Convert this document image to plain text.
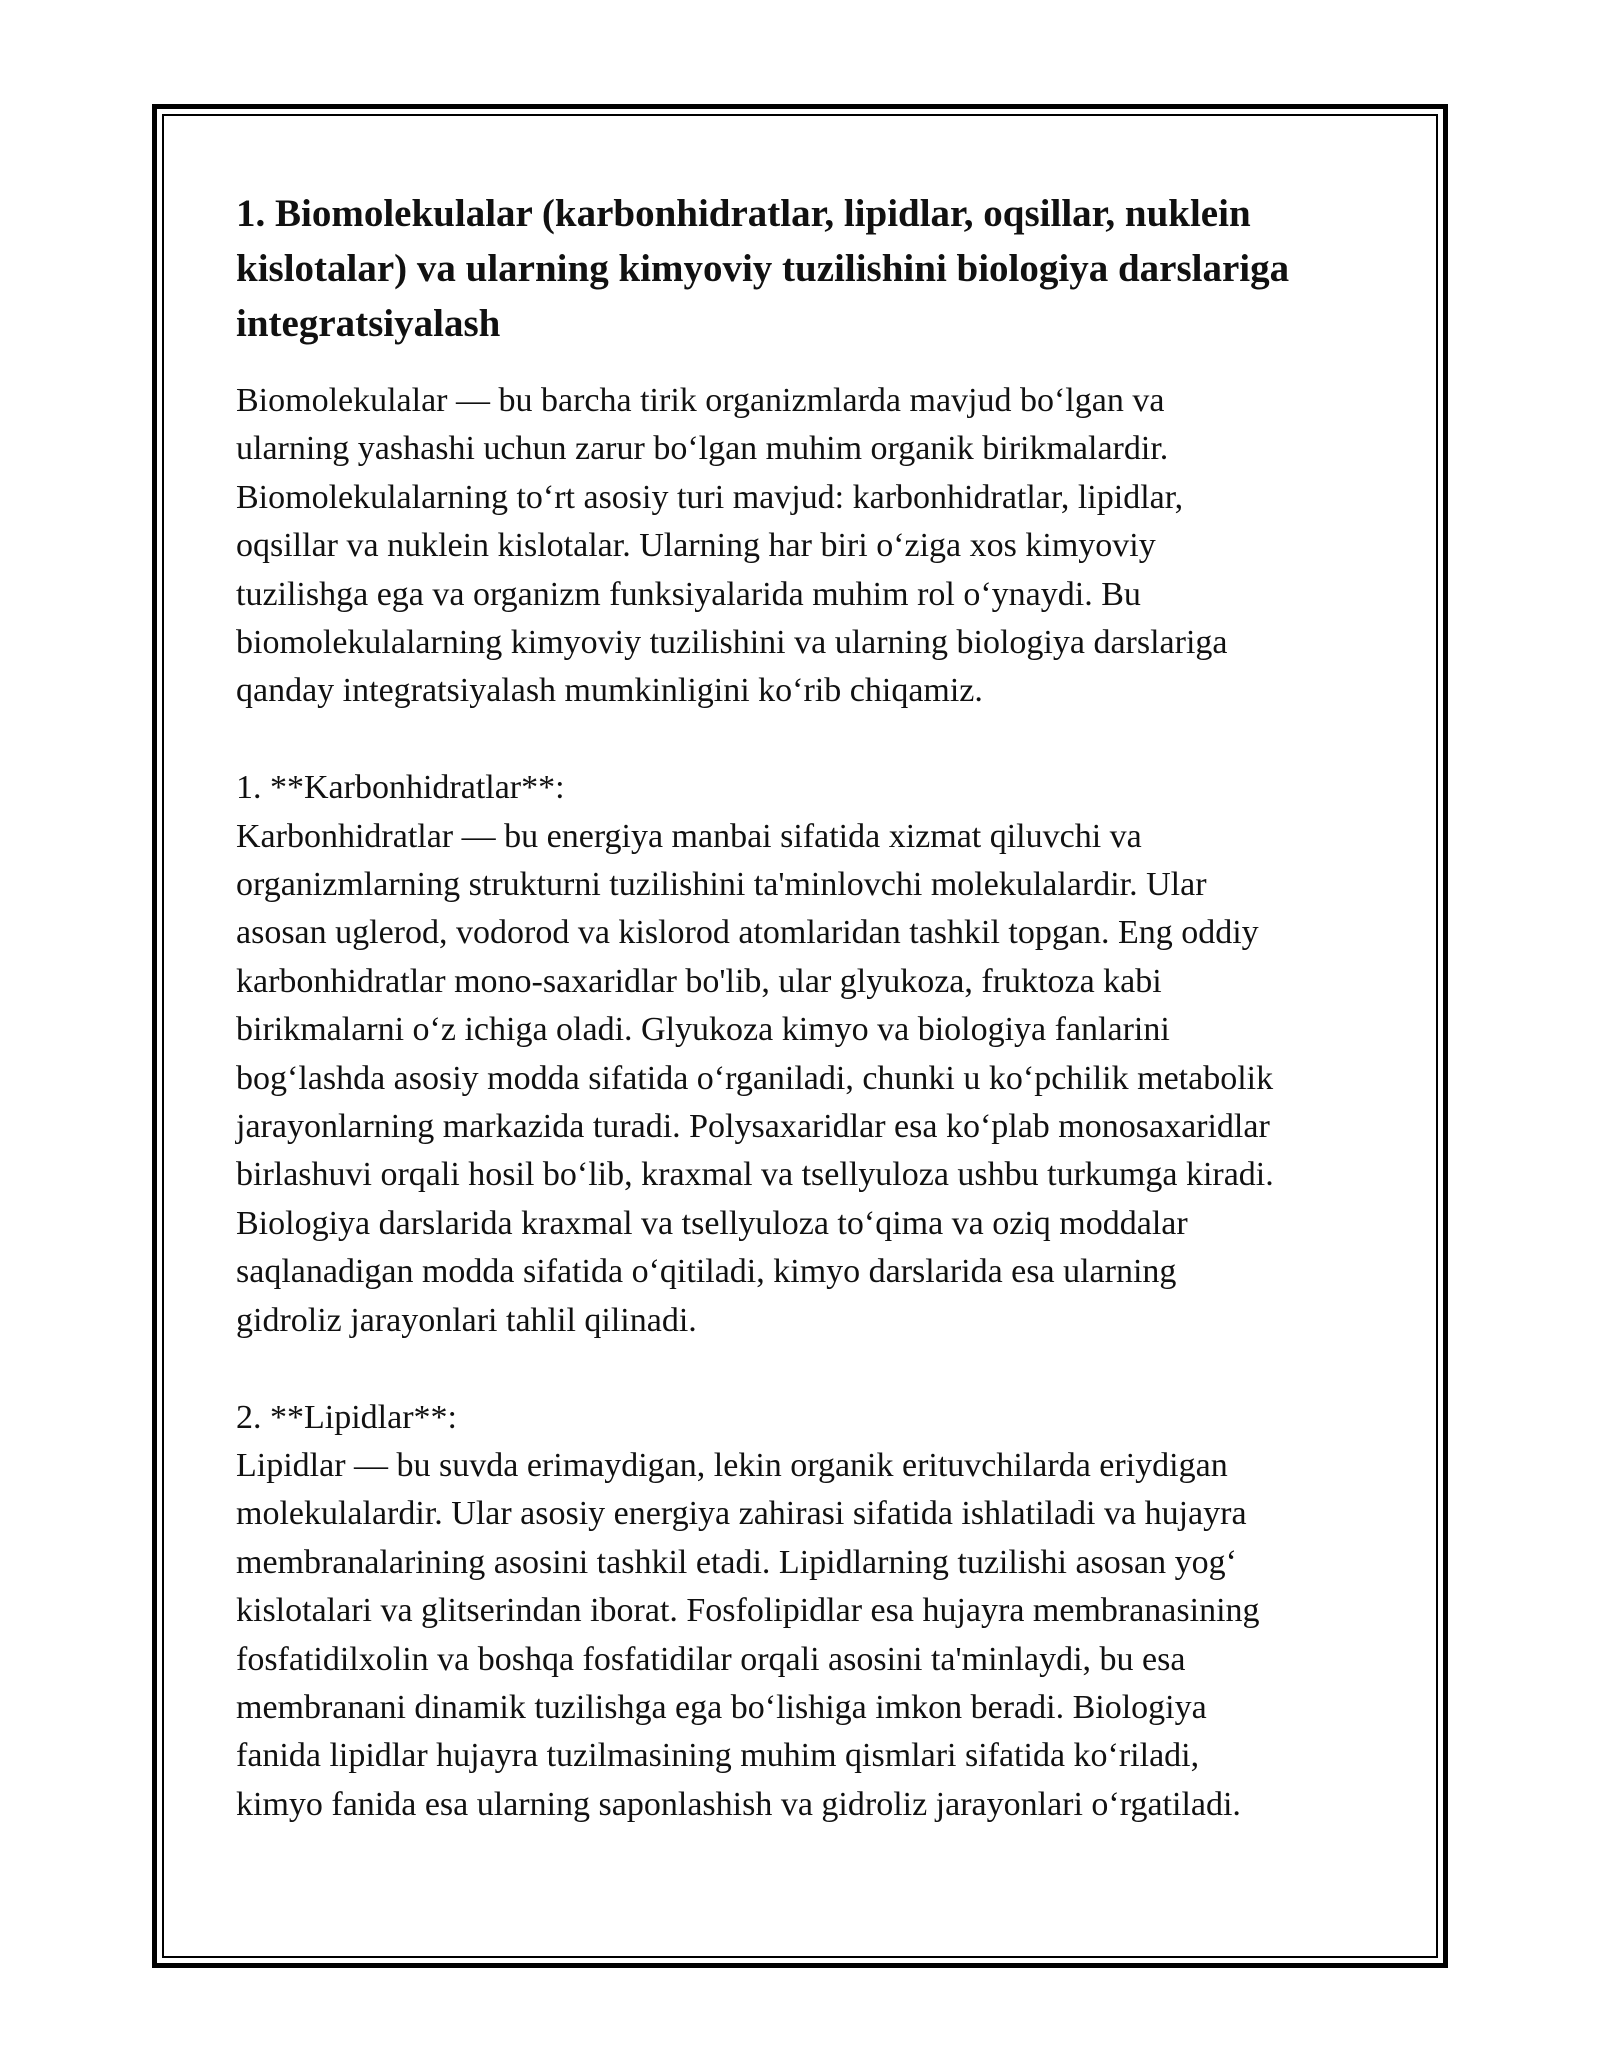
1. Biomolekulalar (karbonhidratlar, lipidlar, oqsillar, nuklein kislotalar) va ularning kimyoviy tuzilishini biologiya darslariga integratsiyalash

Biomolekulalar — bu barcha tirik organizmlarda mavjud bo‘lgan va
ularning yashashi uchun zarur bo‘lgan muhim organik birikmalardir.
Biomolekulalarning to‘rt asosiy turi mavjud: karbonhidratlar, lipidlar,
oqsillar va nuklein kislotalar. Ularning har biri o‘ziga xos kimyoviy
tuzilishga ega va organizm funksiyalarida muhim rol o‘ynaydi. Bu
biomolekulalarning kimyoviy tuzilishini va ularning biologiya darslariga
qanday integratsiyalash mumkinligini ko‘rib chiqamiz.

1. **Karbonhidratlar**:

Karbonhidratlar — bu energiya manbai sifatida xizmat qiluvchi va
organizmlarning strukturni tuzilishini ta'minlovchi molekulalardir. Ular
asosan uglerod, vodorod va kislorod atomlaridan tashkil topgan. Eng oddiy
karbonhidratlar mono-saxaridlar bo'lib, ular glyukoza, fruktoza kabi
birikmalarni o‘z ichiga oladi. Glyukoza kimyo va biologiya fanlarini
bog‘lashda asosiy modda sifatida o‘rganiladi, chunki u ko‘pchilik metabolik
jarayonlarning markazida turadi. Polysaxaridlar esa ko‘plab monosaxaridlar
birlashuvi orqali hosil bo‘lib, kraxmal va tsellyuloza ushbu turkumga kiradi.
Biologiya darslarida kraxmal va tsellyuloza to‘qima va oziq moddalar
saqlanadigan modda sifatida o‘qitiladi, kimyo darslarida esa ularning
gidroliz jarayonlari tahlil qilinadi.

2. **Lipidlar**:

Lipidlar — bu suvda erimaydigan, lekin organik erituvchilarda eriydigan
molekulalardir. Ular asosiy energiya zahirasi sifatida ishlatiladi va hujayra
membranalarining asosini tashkil etadi. Lipidlarning tuzilishi asosan yog‘
kislotalari va glitserindan iborat. Fosfolipidlar esa hujayra membranasining
fosfatidilxolin va boshqa fosfatidilar orqali asosini ta'minlaydi, bu esa
membranani dinamik tuzilishga ega bo‘lishiga imkon beradi. Biologiya
fanida lipidlar hujayra tuzilmasining muhim qismlari sifatida ko‘riladi,
kimyo fanida esa ularning saponlashish va gidroliz jarayonlari o‘rgatiladi.
